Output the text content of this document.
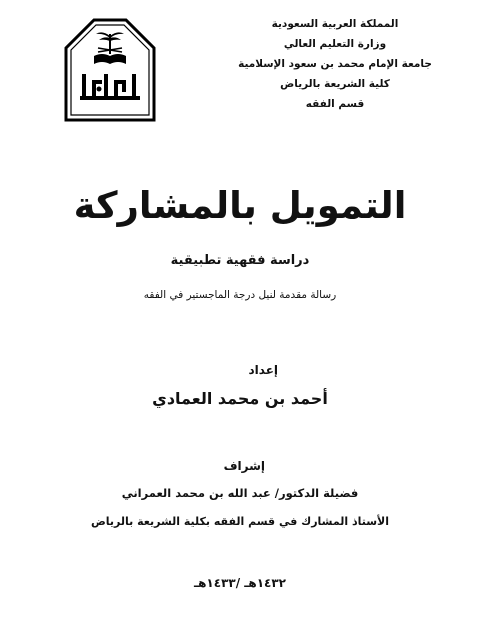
المملكة العربية السعودية
وزارة التعليم العالي
جامعة الإمام محمد بن سعود الإسلامية
كلية الشريعة بالرياض
قسم الفقه
التمويل بالمشاركة
دراسة فقهية تطبيقية
رسالة مقدمة لنيل درجة الماجستير في الفقه
إعداد
أحمد بن محمد العمادي
إشراف
فضيلة الدكتور/ عبد الله بن محمد العمراني
الأستاذ المشارك في قسم الفقه بكلية الشريعة بالرياض
١٤٣٢هـ /١٤٣٣هـ
